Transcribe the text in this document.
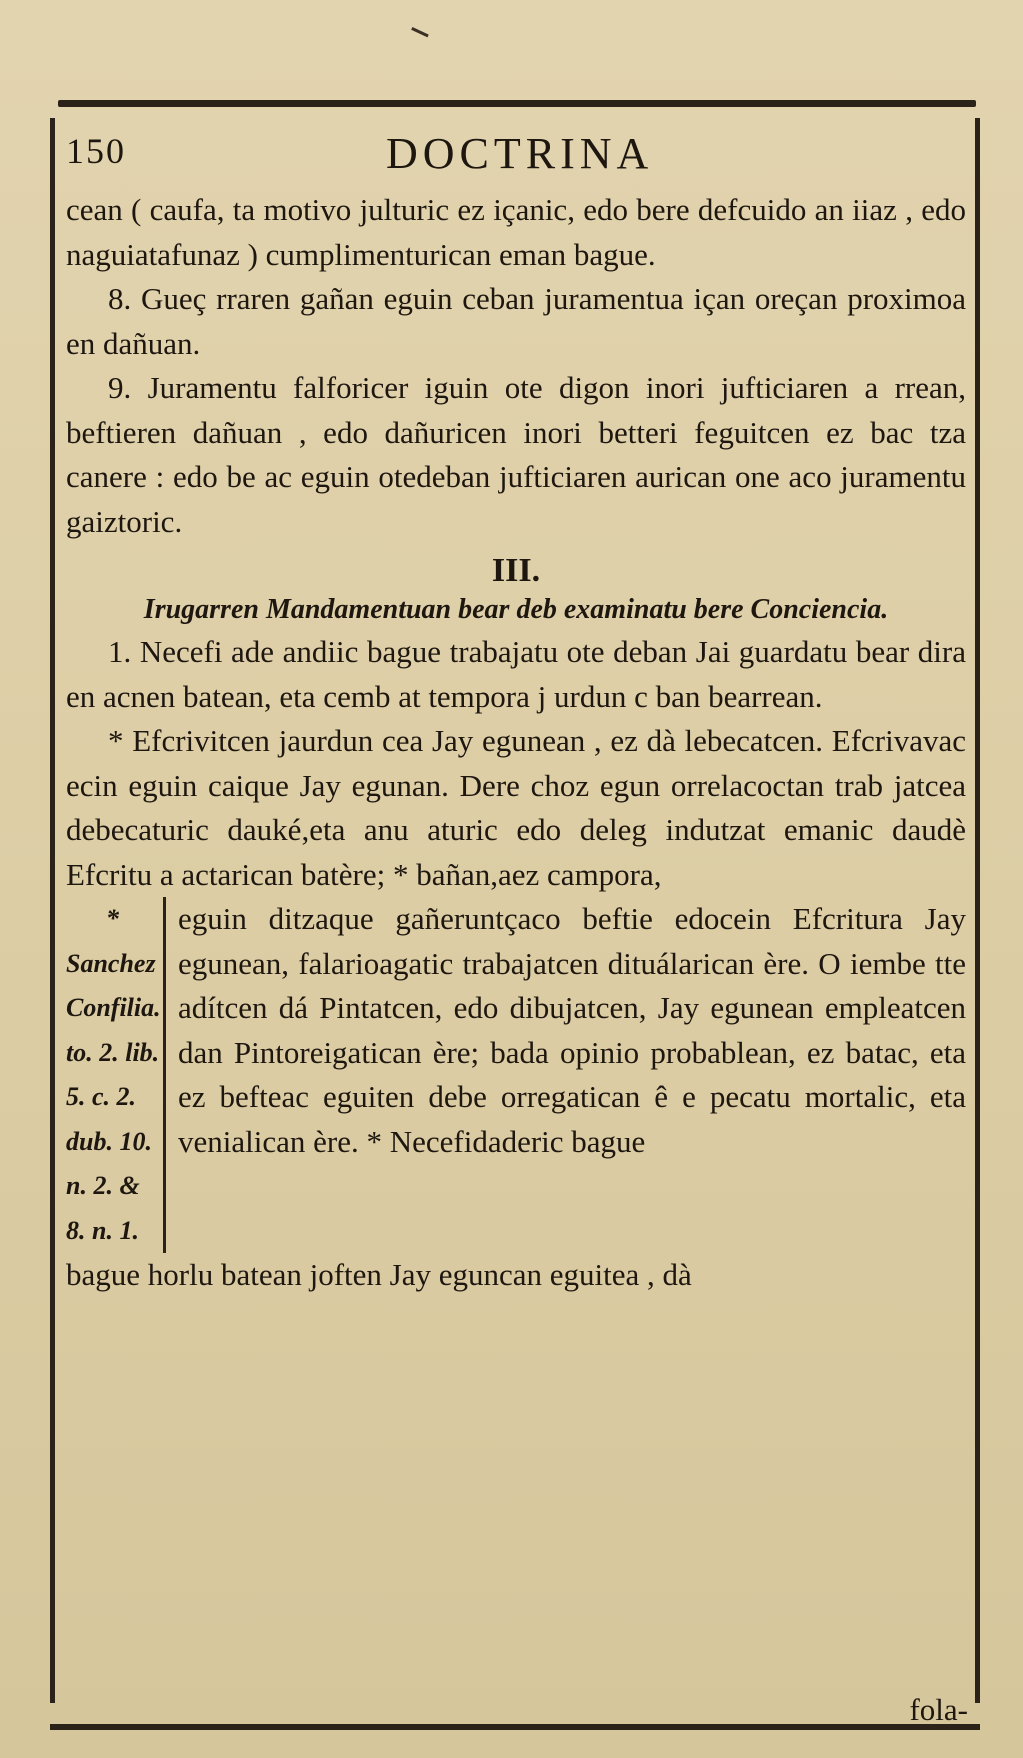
150	DOCTRINA

cean ( caufa, ta motivo julturic ez içanic, edo bere defcuido an iiaz , edo naguiatafunaz ) cumplimenturican eman bague.

8. Gueç rraren gañan eguin ceban juramentua içan oreçan proximoa en dañuan.

9. Juramentu falforicer iguin ote digon inori jufticiaren a rrean, beftieren dañuan , edo dañuricen inori betteri feguitcen ez bac tza canere : edo be ac eguin otedeban jufticiaren aurican one aco juramentu gaiztoric.

III.
Irugarren Mandamentuan bear deb examinatu bere Conciencia.

1. Necefi ade andiic bague trabajatu ote deban Jai guardatu bear dira en acnen batean, eta cemb at tempora j urdun c ban bearrean.

* Efcrivitcen jaurdun cea Jay egunean , ez dà lebecatcen. Efcrivavac ecin eguin caique Jay egunan. Dere choz egun orrelacoctan trab jatcea debecaturic dauké,eta anu aturic edo deleg indutzat emanic daudè Efcritu a actarican batère; * bañan,aez campora,

*
Sanchez
Confilia.
to. 2. lib.
5. c. 2.
dub. 10.
n. 2. &
8. n. 1.

eguin ditzaque gañeruntçaco beftie edocein Efcritura Jay egunean, falarioagatic trabajatcen dituálarican ère. O iembe tte adítcen dá Pintatcen, edo dibujatcen, Jay egunean empleatcen dan Pintoreigatican ère; bada opinio probablean, ez batac, eta ez befteac eguiten debe orregatican ê e pecatu mortalic, eta venialican ère. * Necefidaderic bague

bague horlu batean joften Jay eguncan eguitea , dà

fola-
